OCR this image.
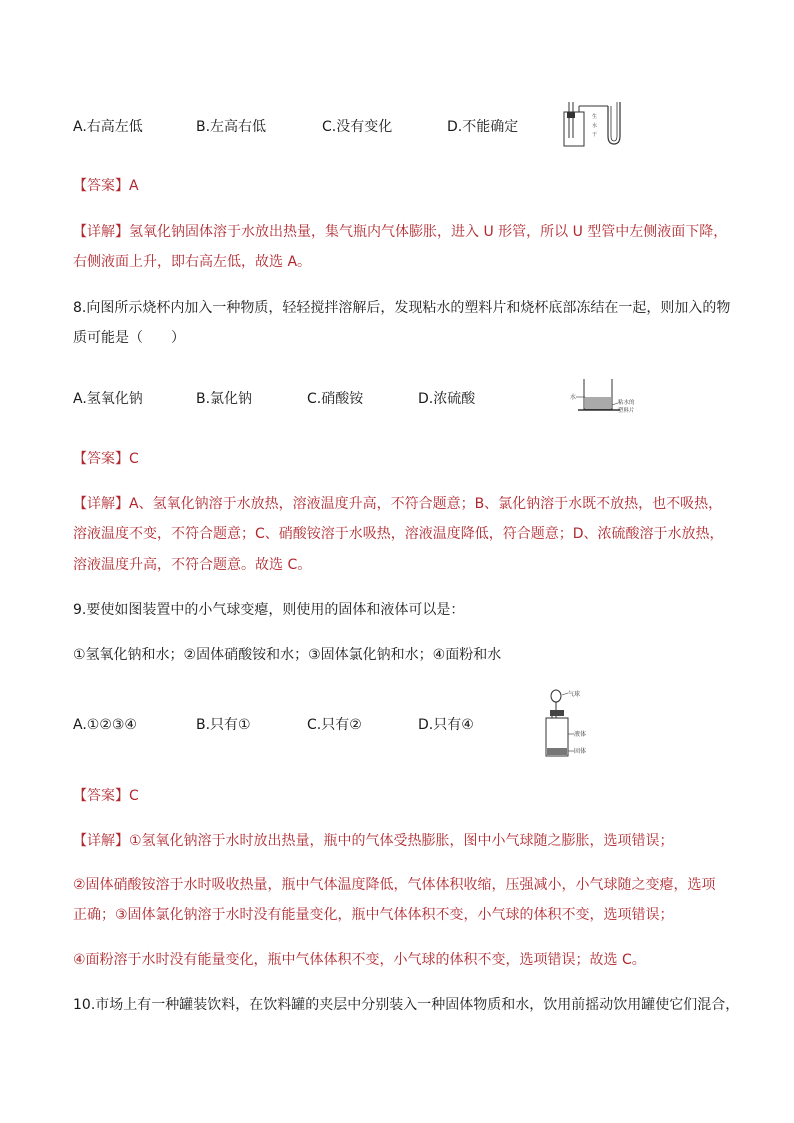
A.右高左低	B.左高右低	C.没有变化	D.不能确定
生
水
干
【答案】A
【详解】氢氧化钠固体溶于水放出热量，集气瓶内气体膨胀，进入 U 形管，所以 U 型管中左侧液面下降，
右侧液面上升，即右高左低，故选 A。
8.向图所示烧杯内加入一种物质，轻轻搅拌溶解后，发现粘水的塑料片和烧杯底部冻结在一起，则加入的物
质可能是（　　）
A.氢氧化钠	B.氯化钠	C.硝酸铵	D.浓硫酸	水
粘水的
塑料片
【答案】C
【详解】A、氢氧化钠溶于水放热，溶液温度升高，不符合题意；B、氯化钠溶于水既不放热，也不吸热，
溶液温度不变，不符合题意；C、硝酸铵溶于水吸热，溶液温度降低，符合题意；D、浓硫酸溶于水放热，
溶液温度升高，不符合题意。故选 C。
9.要使如图装置中的小气球变瘪，则使用的固体和液体可以是：
①氢氧化钠和水；②固体硝酸铵和水；③固体氯化钠和水；④面粉和水
A.①②③④	B.只有①	C.只有②	D.只有④
气球
液体
固体
【答案】C
【详解】①氢氧化钠溶于水时放出热量，瓶中的气体受热膨胀，图中小气球随之膨胀，选项错误；
②固体硝酸铵溶于水时吸收热量，瓶中气体温度降低，气体体积收缩，压强减小，小气球随之变瘪，选项
正确；③固体氯化钠溶于水时没有能量变化，瓶中气体体积不变，小气球的体积不变，选项错误；
④面粉溶于水时没有能量变化，瓶中气体体积不变，小气球的体积不变，选项错误；故选 C。
10.市场上有一种罐装饮料，在饮料罐的夹层中分别装入一种固体物质和水，饮用前摇动饮用罐使它们混合，
